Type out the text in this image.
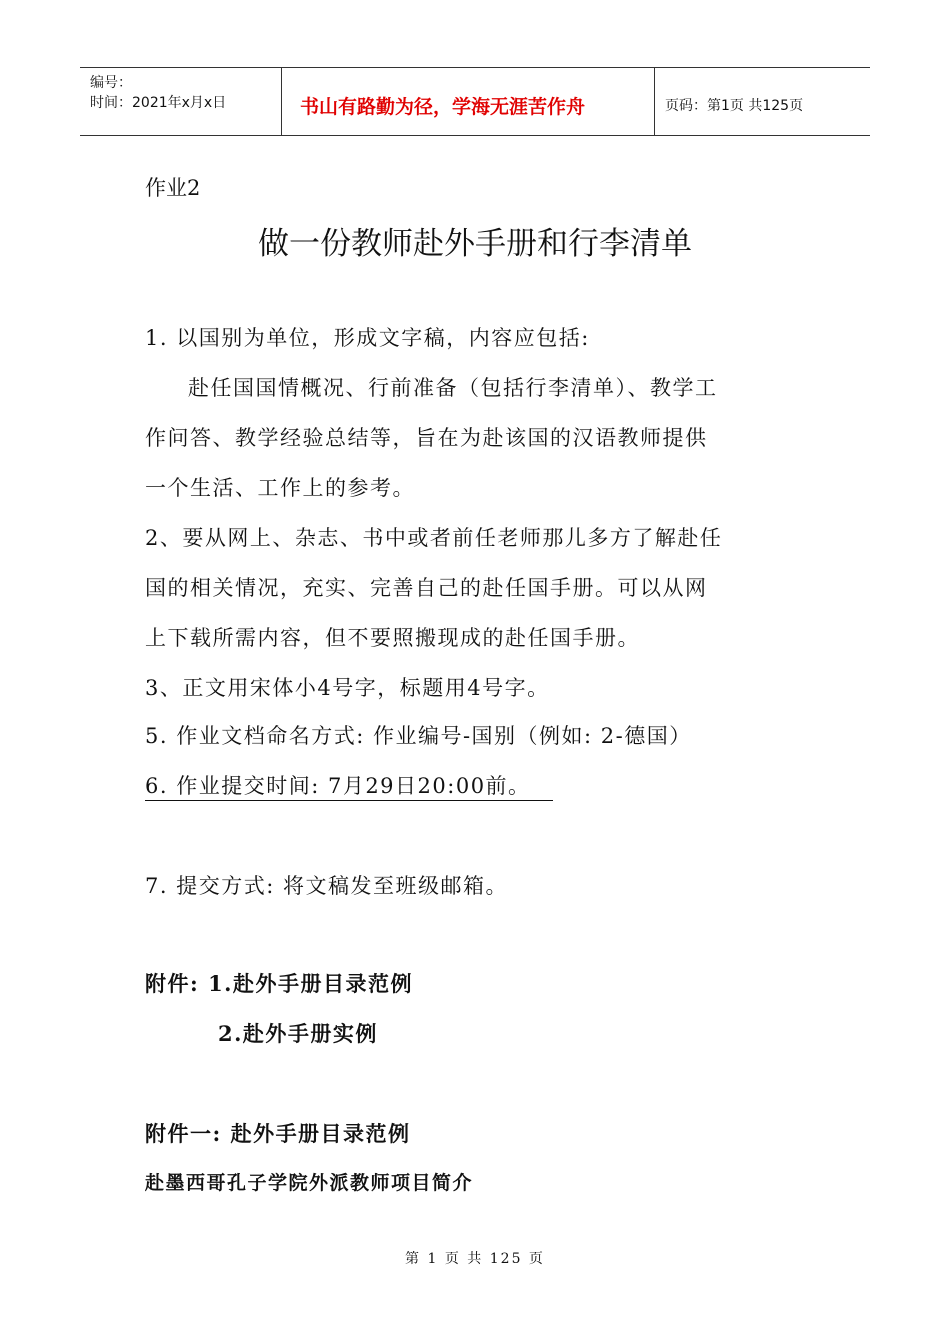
编号：
时间：2021年x月x日	书山有路勤为径，学海无涯苦作舟	页码：第1页 共125页
作业2
做一份教师赴外手册和行李清单
1. 以国别为单位，形成文字稿，内容应包括:
赴任国国情概况、行前准备（包括行李清单）、教学工
作问答、教学经验总结等，旨在为赴该国的汉语教师提供
一个生活、工作上的参考。
2、要从网上、杂志、书中或者前任老师那儿多方了解赴任
国的相关情况，充实、完善自己的赴任国手册。可以从网
上下载所需内容，但不要照搬现成的赴任国手册。
3、正文用宋体小4号字，标题用4号字。
5. 作业文档命名方式: 作业编号-国别（例如: 2-德国）
6. 作业提交时间: 7月29日20:00前。
7. 提交方式: 将文稿发至班级邮箱。
附件: 1.赴外手册目录范例
2.赴外手册实例
附件一: 赴外手册目录范例
赴墨西哥孔子学院外派教师项目简介
第 1 页 共 125 页
